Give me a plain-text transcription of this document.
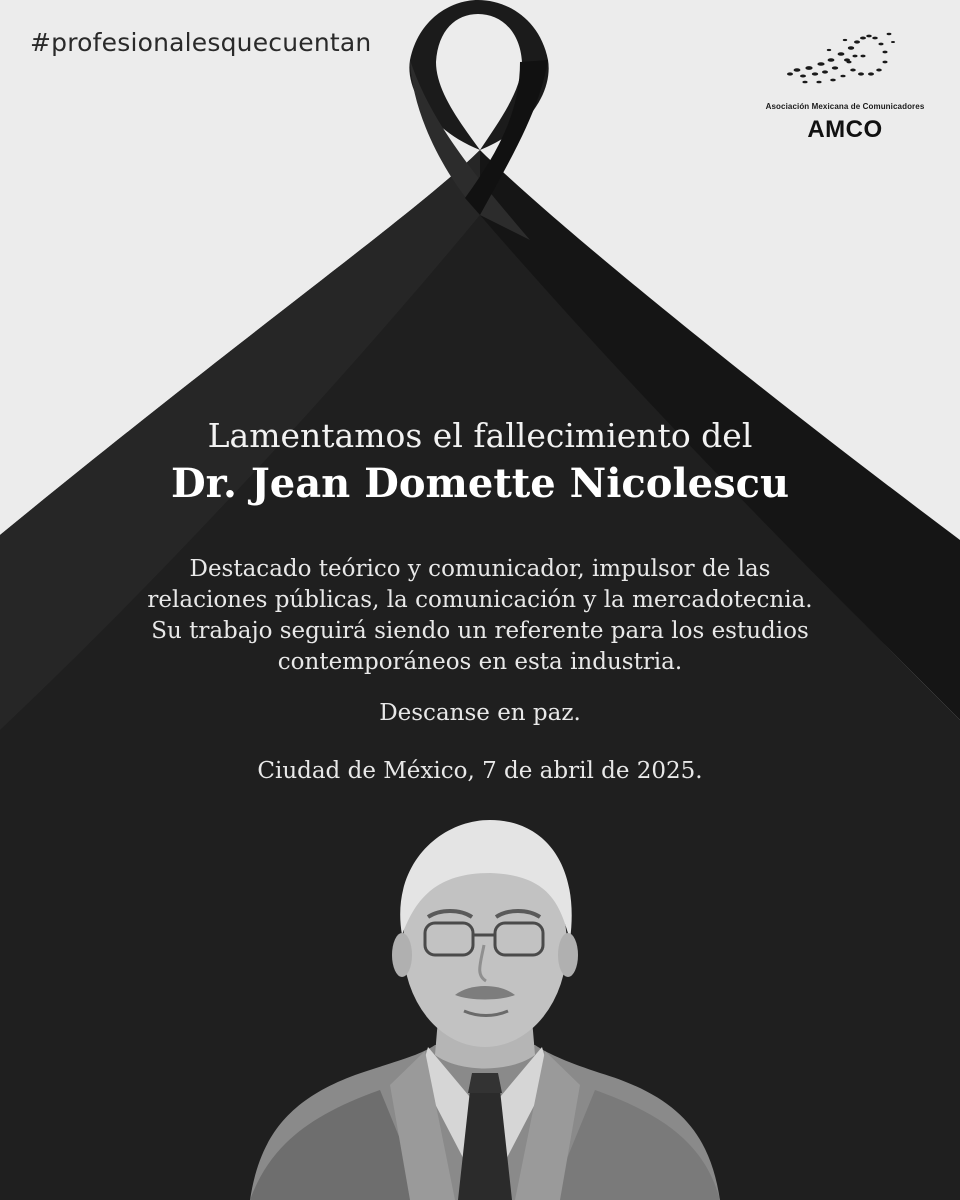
#profesionalesquecuentan
Asociación Mexicana de Comunicadores
AMCO
Lamentamos el fallecimiento del
Dr. Jean Domette Nicolescu
Destacado teórico y comunicador, impulsor de las
relaciones públicas, la comunicación y la mercadotecnia.
Su trabajo seguirá siendo un referente para los estudios
contemporáneos en esta industria.
Descanse en paz.
Ciudad de México, 7 de abril de 2025.
